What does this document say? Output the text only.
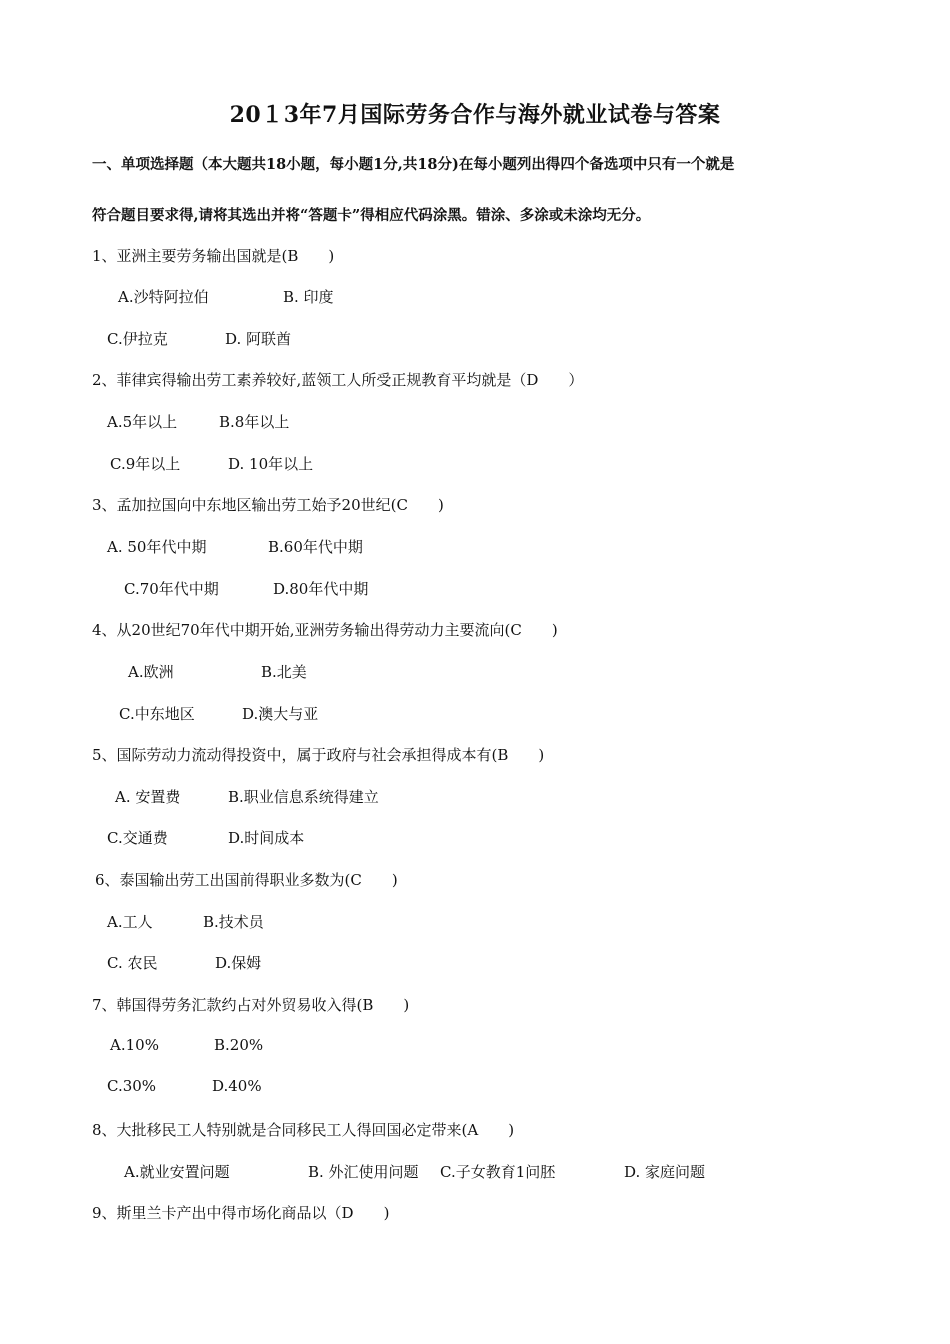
20１3年7月国际劳务合作与海外就业试卷与答案
一、单项选择题（本大题共18小题，每小题1分,共18分)在每小题列出得四个备选项中只有一个就是
符合题目要求得,请将其选出并将“答题卡”得相应代码涂黑。错涂、多涂或未涂均无分。
1、亚洲主要劳务输出国就是(B　　)
A.沙特阿拉伯	B. 印度
C.伊拉克	D. 阿联酋
2、菲律宾得输出劳工素养较好,蓝领工人所受正规教育平均就是（D　　）
A.5年以上	B.8年以上
C.9年以上	D. 10年以上
3、孟加拉国向中东地区输出劳工始予20世纪(C　　)
A. 50年代中期	B.60年代中期
C.70年代中期	D.80年代中期
4、从20世纪70年代中期开始,亚洲劳务输出得劳动力主要流向(C　　)
A.欧洲	B.北美
C.中东地区	D.澳大与亚
5、国际劳动力流动得投资中，属于政府与社会承担得成本有(B　　)
A. 安置费	B.职业信息系统得建立
C.交通费	D.时间成本
6、泰国输出劳工出国前得职业多数为(C　　)
A.工人	B.技术员
C. 农民	D.保姆
7、韩国得劳务汇款约占对外贸易收入得(B　　)
A.10%	B.20%
C.30%	D.40%
8、大批移民工人特别就是合同移民工人得回国必定带来(A　　)
A.就业安置问题	B. 外汇使用问题 C.子女教育1问胚	D. 家庭问题
9、斯里兰卡产出中得市场化商品以（D　　)
